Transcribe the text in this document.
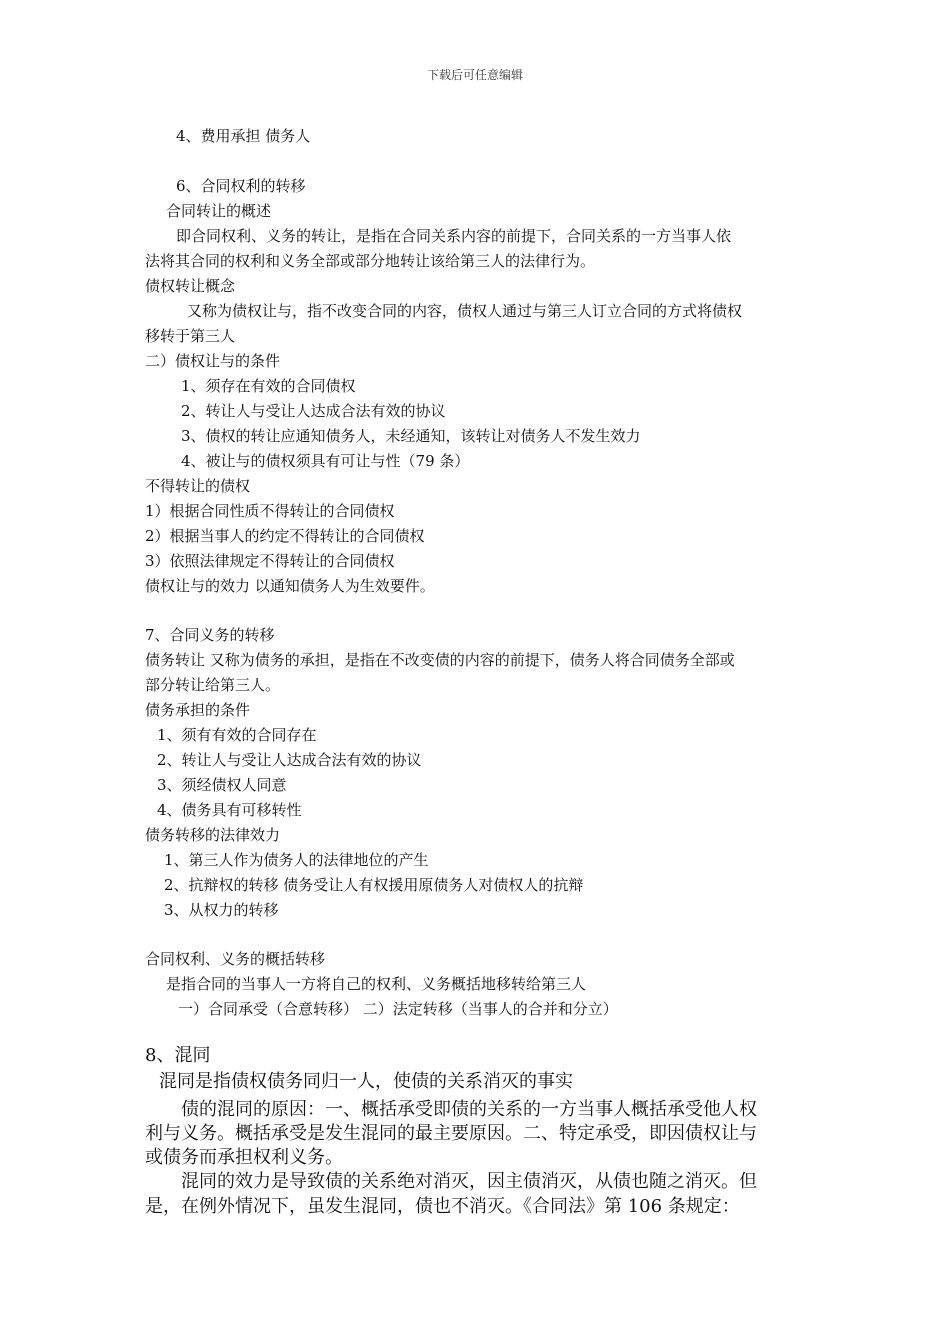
下载后可任意编辑
4、费用承担 债务人
6、合同权利的转移
合同转让的概述
即合同权利、义务的转让，是指在合同关系内容的前提下，合同关系的一方当事人依
法将其合同的权利和义务全部或部分地转让该给第三人的法律行为。
债权转让概念
又称为债权让与，指不改变合同的内容，债权人通过与第三人订立合同的方式将债权
移转于第三人
二）债权让与的条件
1、须存在有效的合同债权
2、转让人与受让人达成合法有效的协议
3、债权的转让应通知债务人，未经通知，该转让对债务人不发生效力
4、被让与的债权须具有可让与性（79 条）
不得转让的债权
1）根据合同性质不得转让的合同债权
2）根据当事人的约定不得转让的合同债权
3）依照法律规定不得转让的合同债权
债权让与的效力 以通知债务人为生效要件。
7、合同义务的转移
债务转让 又称为债务的承担，是指在不改变债的内容的前提下，债务人将合同债务全部或
部分转让给第三人。
债务承担的条件
1、须有有效的合同存在
2、转让人与受让人达成合法有效的协议
3、须经债权人同意
4、债务具有可移转性
债务转移的法律效力
1、第三人作为债务人的法律地位的产生
2、抗辩权的转移 债务受让人有权援用原债务人对债权人的抗辩
3、从权力的转移
合同权利、义务的概括转移
是指合同的当事人一方将自己的权利、义务概括地移转给第三人
一）合同承受（合意转移） 二）法定转移（当事人的合并和分立）
8、混同
混同是指债权债务同归一人，使债的关系消灭的事实
债的混同的原因：一、概括承受即债的关系的一方当事人概括承受他人权
利与义务。概括承受是发生混同的最主要原因。二、特定承受，即因债权让与
或债务而承担权利义务。
混同的效力是导致债的关系绝对消灭，因主债消灭，从债也随之消灭。但
是，在例外情况下，虽发生混同，债也不消灭。《合同法》第 106 条规定：
